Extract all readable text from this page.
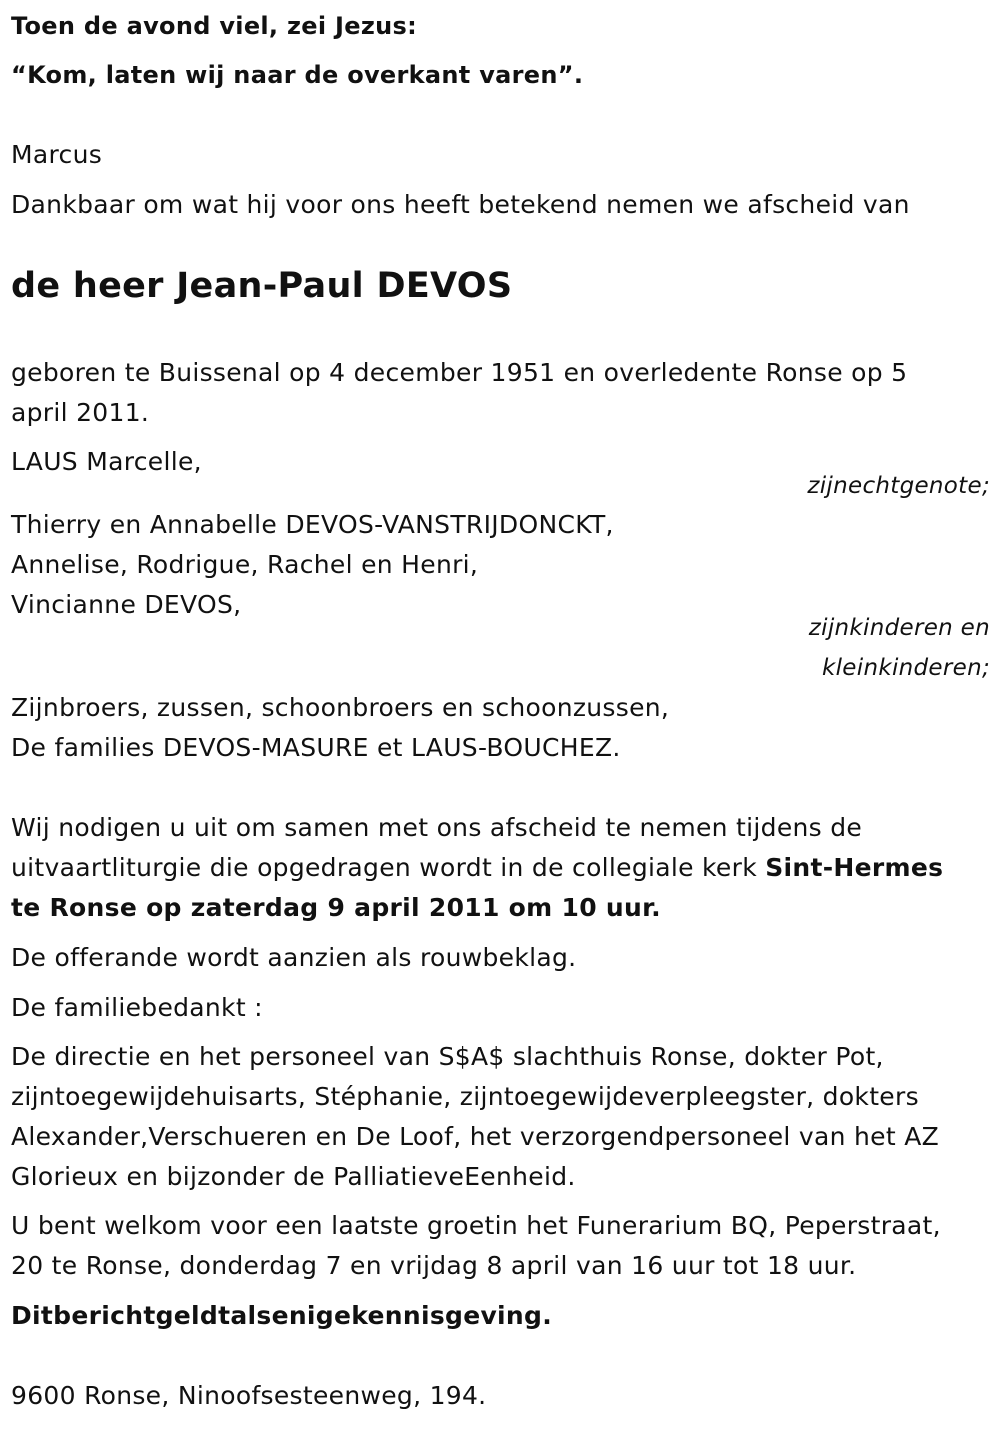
Toen de avond viel, zei Jezus:
“Kom, laten wij naar de overkant varen”.
Marcus
Dankbaar om wat hij voor ons heeft betekend nemen we afscheid van
de heer Jean-Paul DEVOS
geboren te Buissenal op 4 december 1951 en overledente Ronse op 5
april 2011.
LAUS Marcelle,
zijnechtgenote;
Thierry en Annabelle DEVOS-VANSTRIJDONCKT,
Annelise, Rodrigue, Rachel en Henri,
Vincianne DEVOS,
zijnkinderen en
kleinkinderen;
Zijnbroers, zussen, schoonbroers en schoonzussen,
De families DEVOS-MASURE et LAUS-BOUCHEZ.
Wij nodigen u uit om samen met ons afscheid te nemen tijdens de
uitvaartliturgie die opgedragen wordt in de collegiale kerk Sint-Hermes
te Ronse op zaterdag 9 april 2011 om 10 uur.
De offerande wordt aanzien als rouwbeklag.
De familiebedankt :
De directie en het personeel van S$A$ slachthuis Ronse, dokter Pot,
zijntoegewijdehuisarts, Stéphanie, zijntoegewijdeverpleegster, dokters
Alexander,Verschueren en De Loof, het verzorgendpersoneel van het AZ
Glorieux en bijzonder de PalliatieveEenheid.
U bent welkom voor een laatste groetin het Funerarium BQ, Peperstraat,
20 te Ronse, donderdag 7 en vrijdag 8 april van 16 uur tot 18 uur.
Ditberichtgeldtalsenigekennisgeving.
9600 Ronse, Ninoofsesteenweg, 194.
